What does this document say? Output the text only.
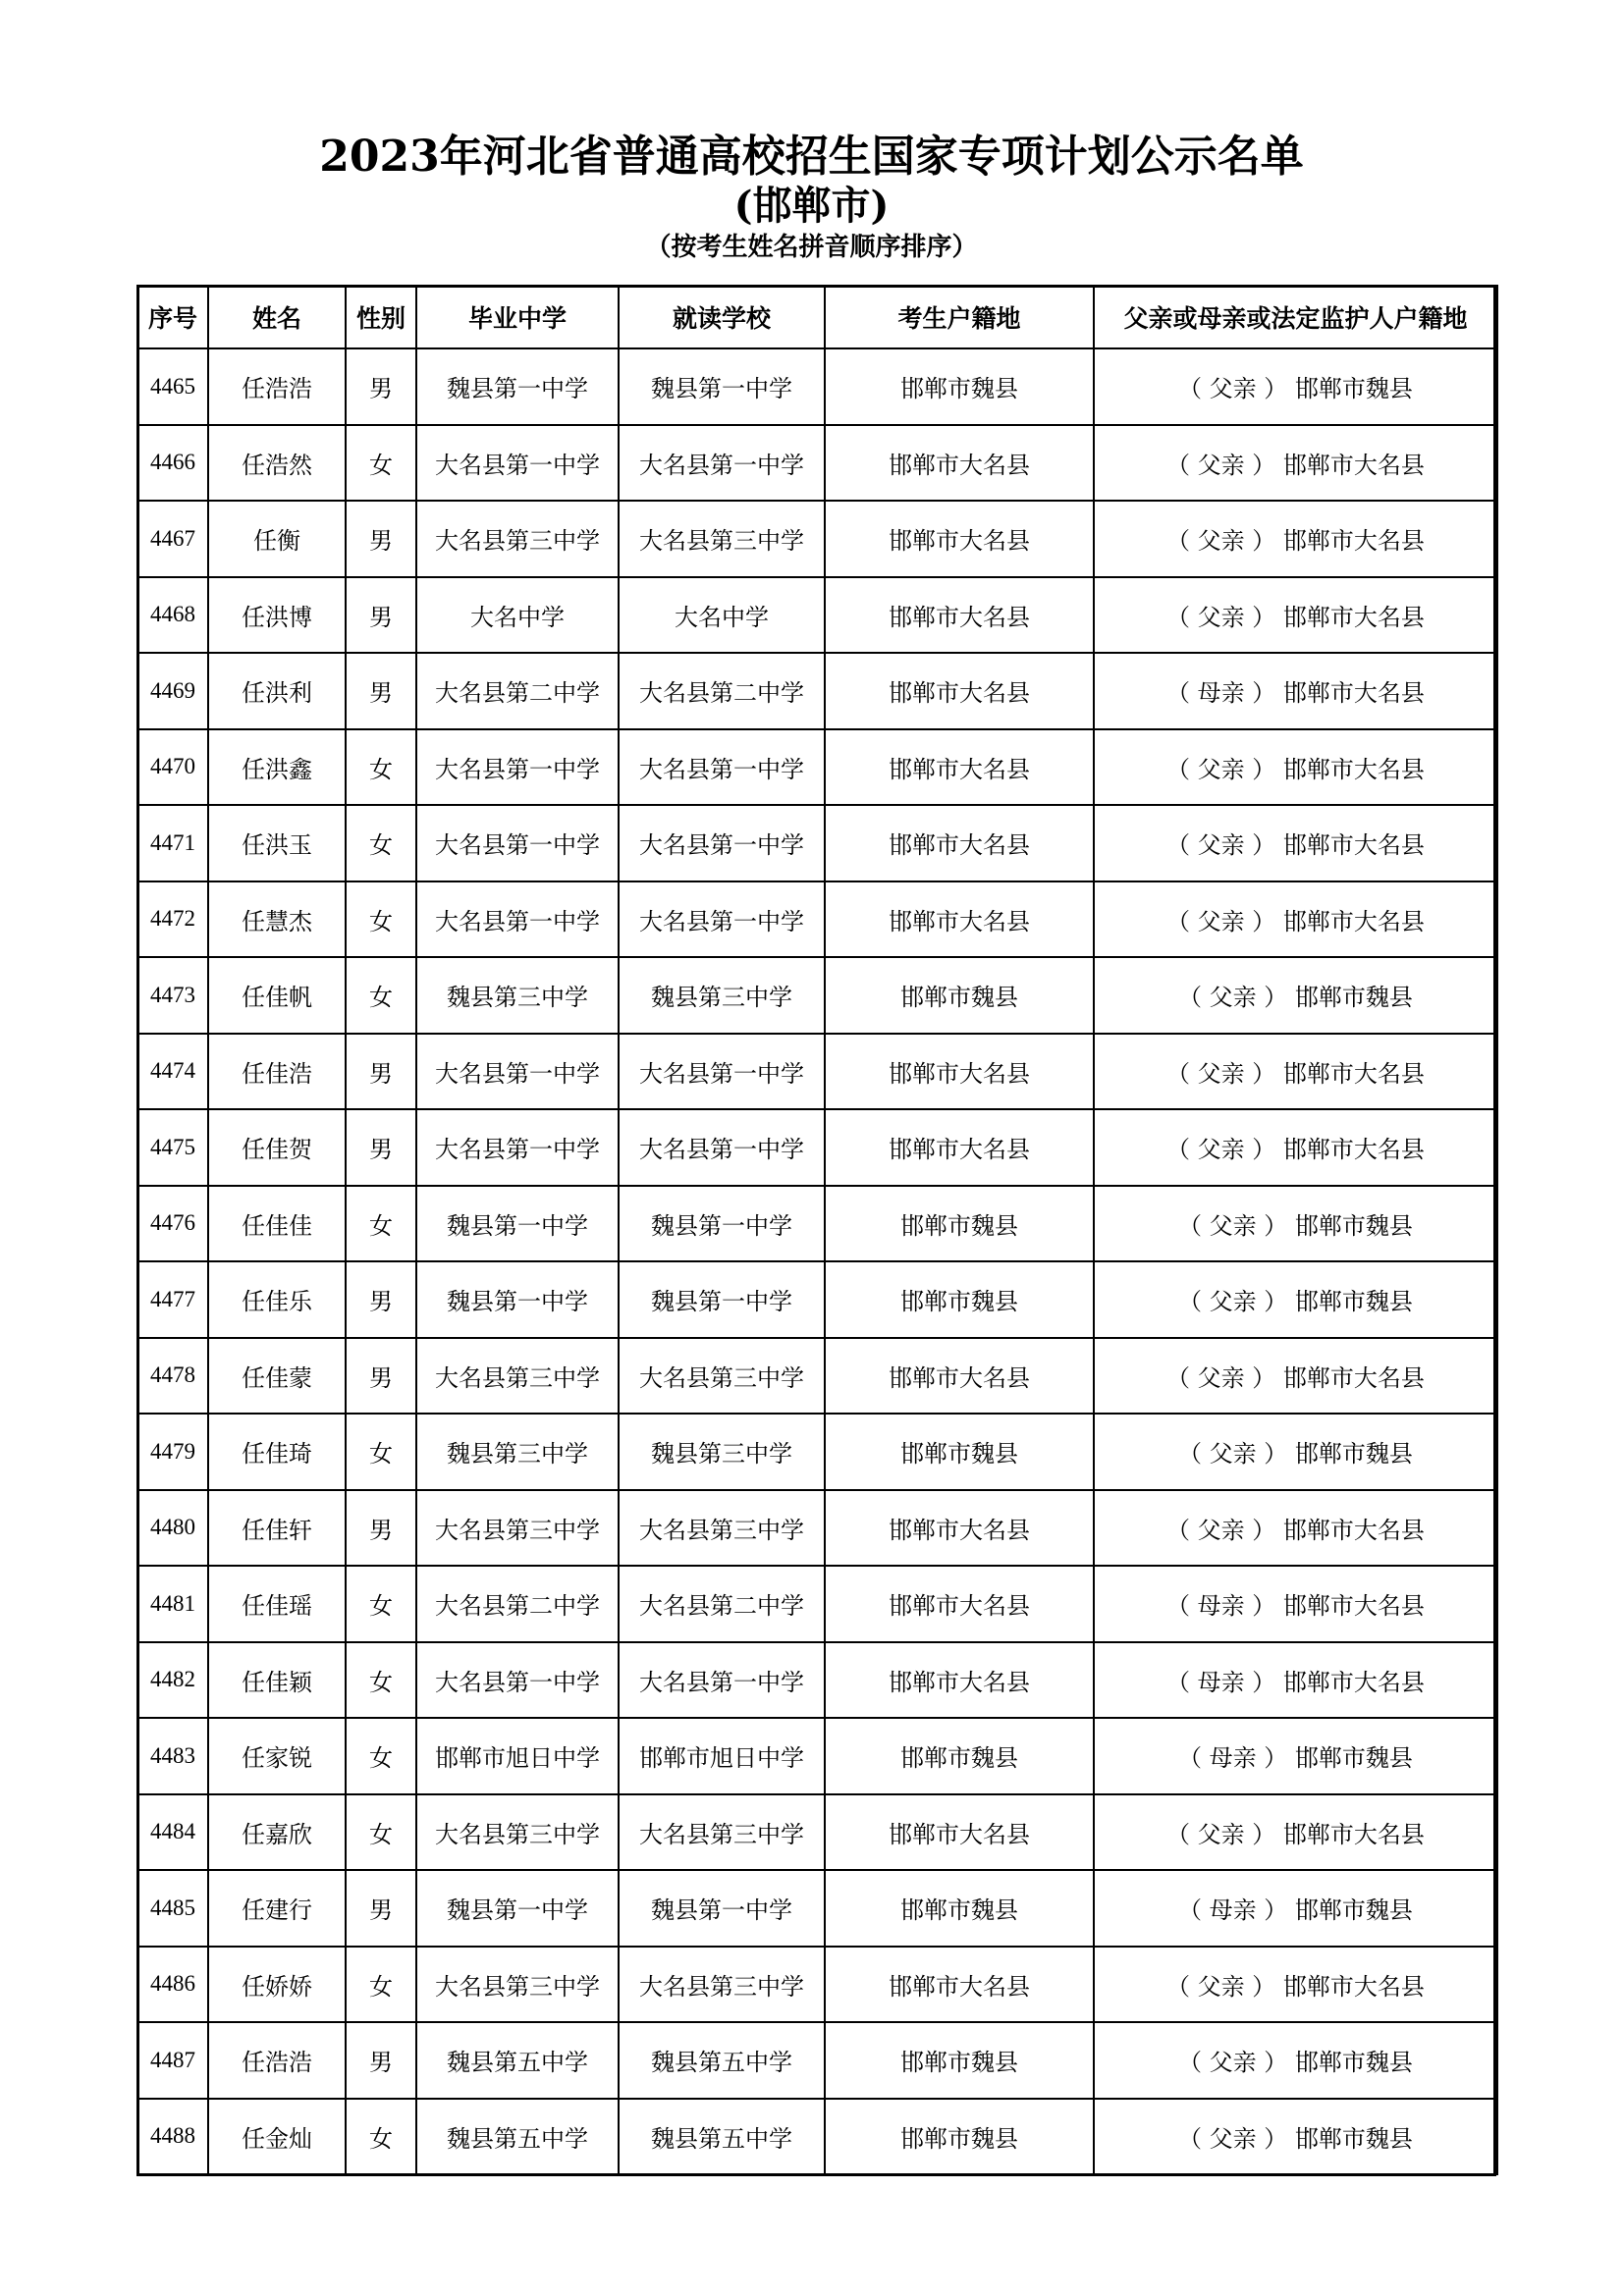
2023年河北省普通高校招生国家专项计划公示名单
(邯郸市)
（按考生姓名拼音顺序排序）
序号	姓名	性别	毕业中学	就读学校	考生户籍地	父亲或母亲或法定监护人户籍地
4465	任浩浩	男	魏县第一中学	魏县第一中学	邯郸市魏县	（ 父亲 ） 邯郸市魏县
4466	任浩然	女	大名县第一中学	大名县第一中学	邯郸市大名县	（ 父亲 ） 邯郸市大名县
4467	任衡	男	大名县第三中学	大名县第三中学	邯郸市大名县	（ 父亲 ） 邯郸市大名县
4468	任洪博	男	大名中学	大名中学	邯郸市大名县	（ 父亲 ） 邯郸市大名县
4469	任洪利	男	大名县第二中学	大名县第二中学	邯郸市大名县	（ 母亲 ） 邯郸市大名县
4470	任洪鑫	女	大名县第一中学	大名县第一中学	邯郸市大名县	（ 父亲 ） 邯郸市大名县
4471	任洪玉	女	大名县第一中学	大名县第一中学	邯郸市大名县	（ 父亲 ） 邯郸市大名县
4472	任慧杰	女	大名县第一中学	大名县第一中学	邯郸市大名县	（ 父亲 ） 邯郸市大名县
4473	任佳帆	女	魏县第三中学	魏县第三中学	邯郸市魏县	（ 父亲 ） 邯郸市魏县
4474	任佳浩	男	大名县第一中学	大名县第一中学	邯郸市大名县	（ 父亲 ） 邯郸市大名县
4475	任佳贺	男	大名县第一中学	大名县第一中学	邯郸市大名县	（ 父亲 ） 邯郸市大名县
4476	任佳佳	女	魏县第一中学	魏县第一中学	邯郸市魏县	（ 父亲 ） 邯郸市魏县
4477	任佳乐	男	魏县第一中学	魏县第一中学	邯郸市魏县	（ 父亲 ） 邯郸市魏县
4478	任佳蒙	男	大名县第三中学	大名县第三中学	邯郸市大名县	（ 父亲 ） 邯郸市大名县
4479	任佳琦	女	魏县第三中学	魏县第三中学	邯郸市魏县	（ 父亲 ） 邯郸市魏县
4480	任佳轩	男	大名县第三中学	大名县第三中学	邯郸市大名县	（ 父亲 ） 邯郸市大名县
4481	任佳瑶	女	大名县第二中学	大名县第二中学	邯郸市大名县	（ 母亲 ） 邯郸市大名县
4482	任佳颖	女	大名县第一中学	大名县第一中学	邯郸市大名县	（ 母亲 ） 邯郸市大名县
4483	任家锐	女	邯郸市旭日中学	邯郸市旭日中学	邯郸市魏县	（ 母亲 ） 邯郸市魏县
4484	任嘉欣	女	大名县第三中学	大名县第三中学	邯郸市大名县	（ 父亲 ） 邯郸市大名县
4485	任建行	男	魏县第一中学	魏县第一中学	邯郸市魏县	（ 母亲 ） 邯郸市魏县
4486	任娇娇	女	大名县第三中学	大名县第三中学	邯郸市大名县	（ 父亲 ） 邯郸市大名县
4487	任浩浩	男	魏县第五中学	魏县第五中学	邯郸市魏县	（ 父亲 ） 邯郸市魏县
4488	任金灿	女	魏县第五中学	魏县第五中学	邯郸市魏县	（ 父亲 ） 邯郸市魏县
